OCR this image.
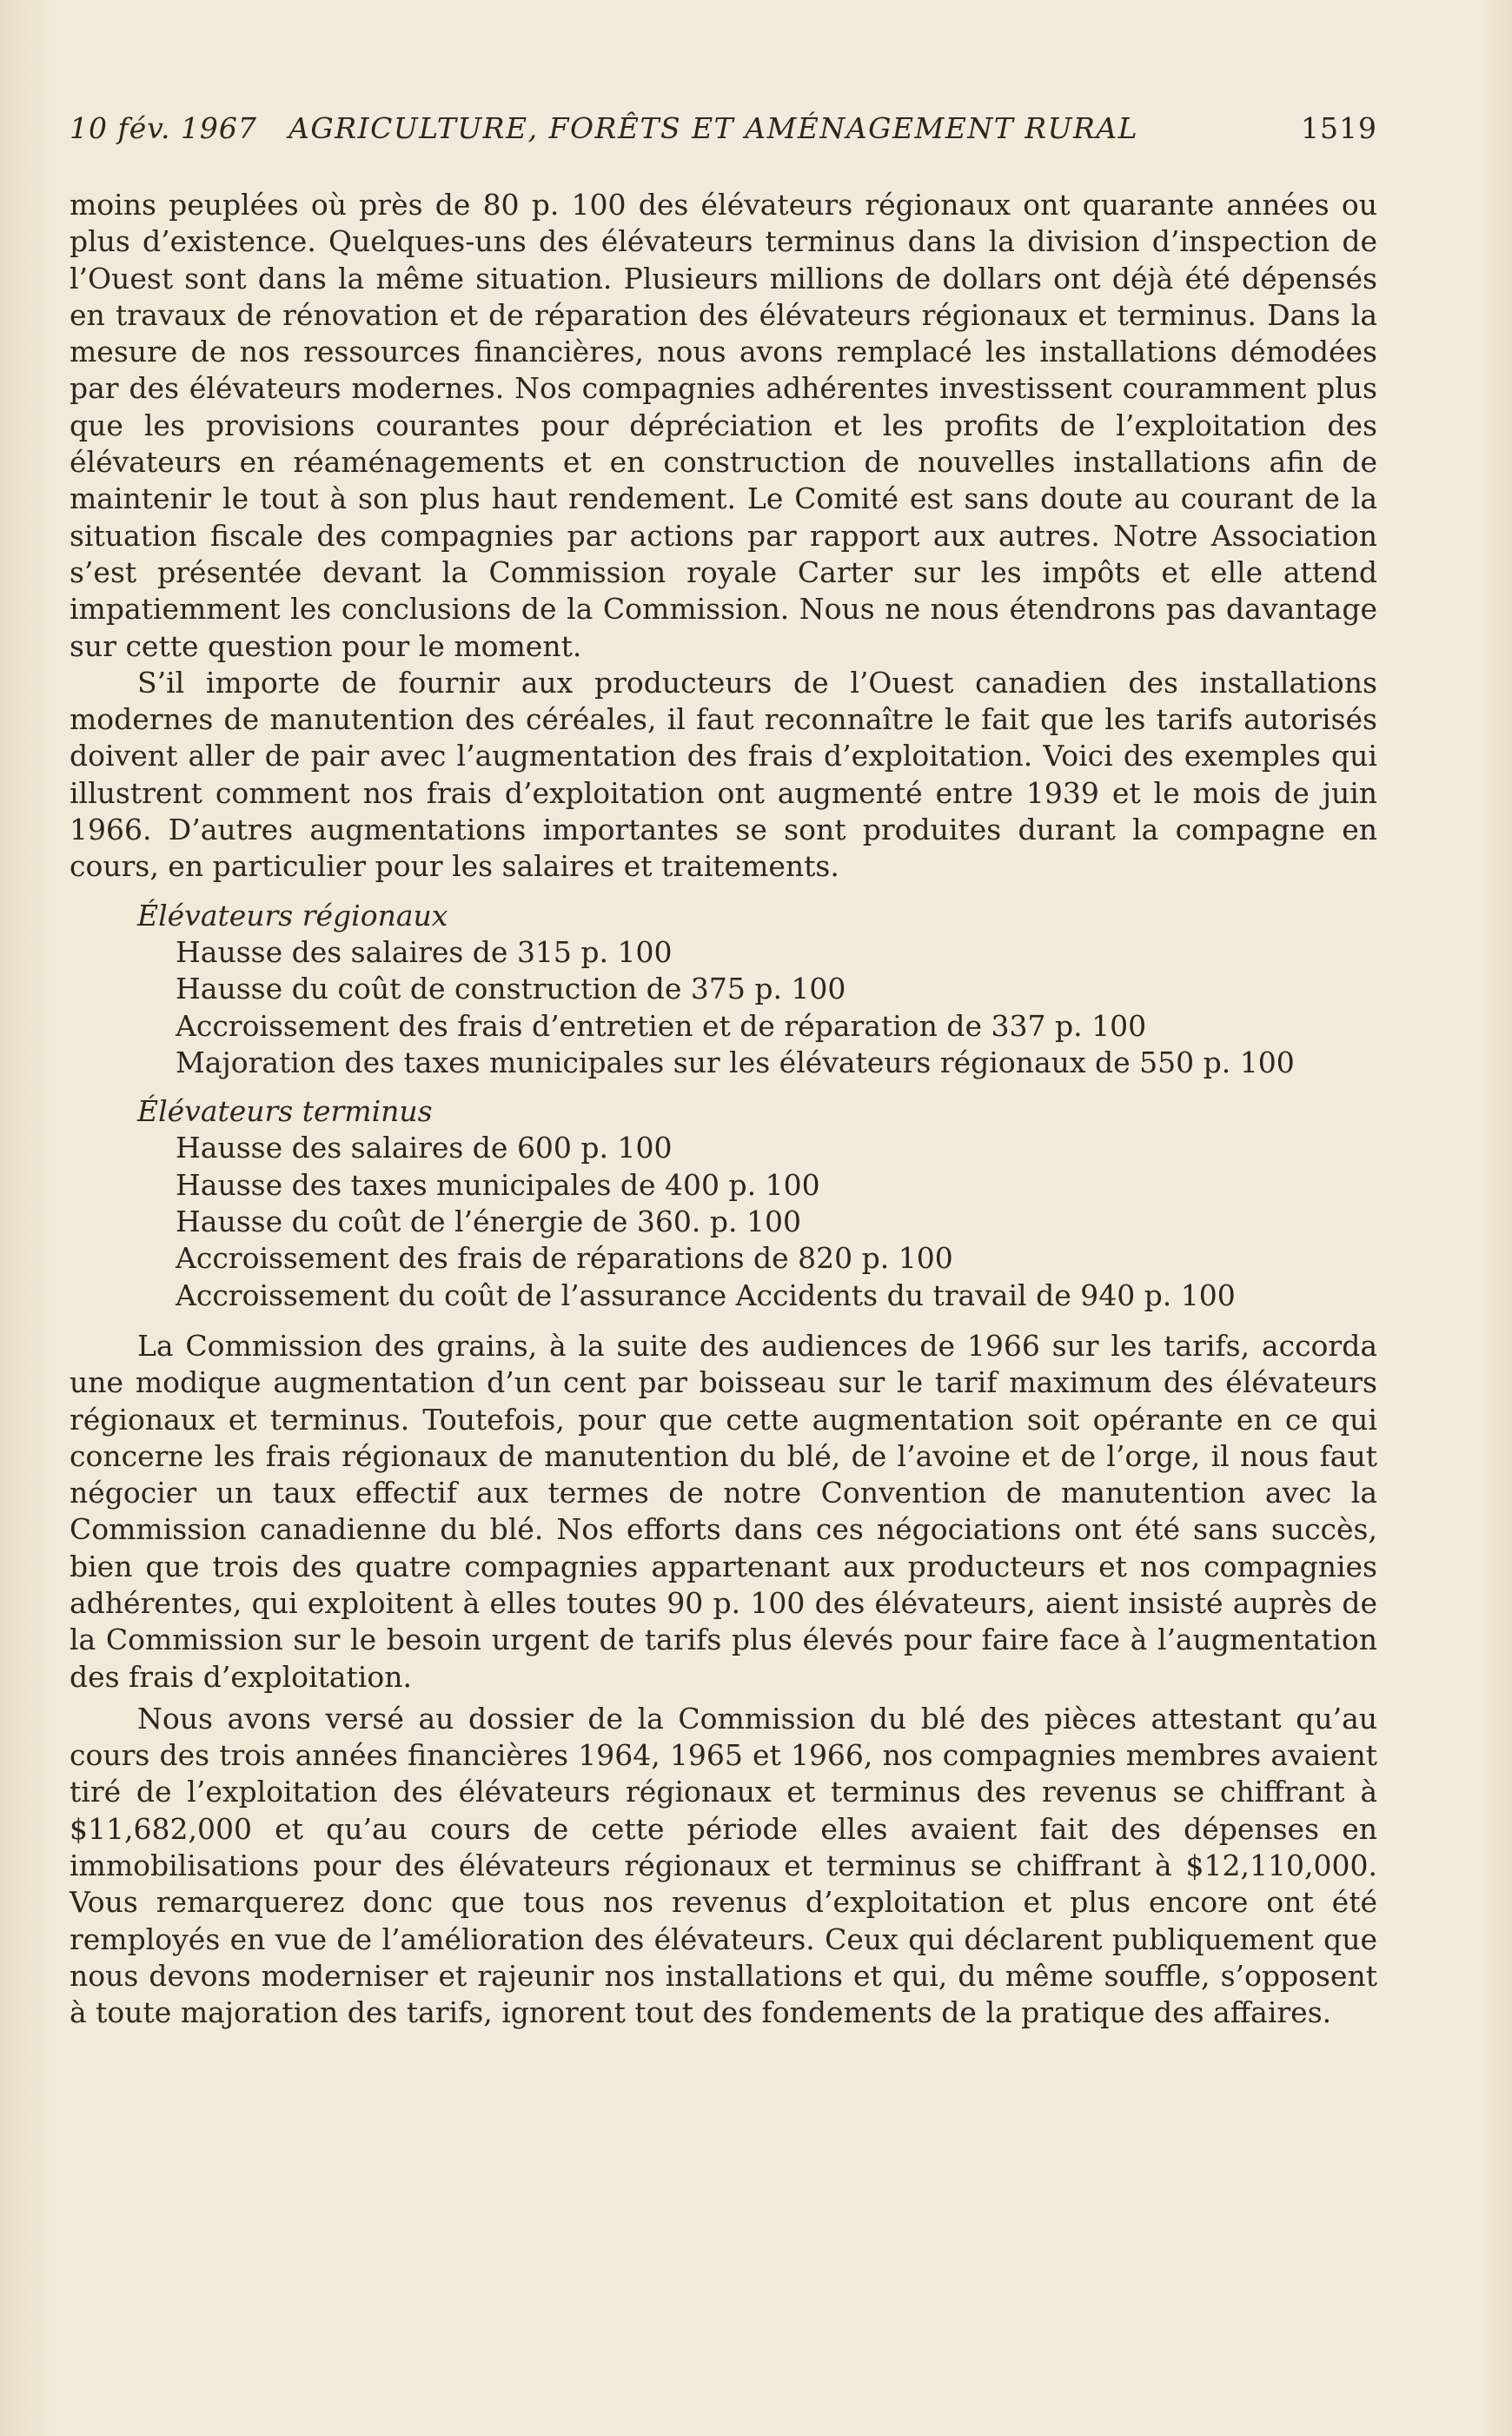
10 fév. 1967 AGRICULTURE, FORÊTS ET AMÉNAGEMENT RURAL	1519

moins peuplées où près de 80 p. 100 des élévateurs régionaux ont quarante années ou plus d’existence. Quelques-uns des élévateurs terminus dans la division d’inspection de l’Ouest sont dans la même situation. Plusieurs millions de dollars ont déjà été dépensés en travaux de rénovation et de réparation des élévateurs régionaux et terminus. Dans la mesure de nos ressources financières, nous avons remplacé les installations démodées par des élévateurs modernes. Nos compagnies adhérentes investissent couramment plus que les provisions courantes pour dépréciation et les profits de l’exploitation des élévateurs en réaménagements et en construction de nouvelles installations afin de maintenir le tout à son plus haut rendement. Le Comité est sans doute au courant de la situation fiscale des compagnies par actions par rapport aux autres. Notre Association s’est présentée devant la Commission royale Carter sur les impôts et elle attend impatiemment les conclusions de la Commission. Nous ne nous étendrons pas davantage sur cette question pour le moment.

S’il importe de fournir aux producteurs de l’Ouest canadien des installations modernes de manutention des céréales, il faut reconnaître le fait que les tarifs autorisés doivent aller de pair avec l’augmentation des frais d’exploitation. Voici des exemples qui illustrent comment nos frais d’exploitation ont augmenté entre 1939 et le mois de juin 1966. D’autres augmentations importantes se sont produites durant la compagne en cours, en particulier pour les salaires et traitements.

Élévateurs régionaux
Hausse des salaires de 315 p. 100
Hausse du coût de construction de 375 p. 100
Accroissement des frais d’entretien et de réparation de 337 p. 100
Majoration des taxes municipales sur les élévateurs régionaux de 550 p. 100
Élévateurs terminus
Hausse des salaires de 600 p. 100
Hausse des taxes municipales de 400 p. 100
Hausse du coût de l’énergie de 360. p. 100
Accroissement des frais de réparations de 820 p. 100
Accroissement du coût de l’assurance Accidents du travail de 940 p. 100

La Commission des grains, à la suite des audiences de 1966 sur les tarifs, accorda une modique augmentation d’un cent par boisseau sur le tarif maximum des élévateurs régionaux et terminus. Toutefois, pour que cette augmentation soit opérante en ce qui concerne les frais régionaux de manutention du blé, de l’avoine et de l’orge, il nous faut négocier un taux effectif aux termes de notre Convention de manutention avec la Commission canadienne du blé. Nos efforts dans ces négociations ont été sans succès, bien que trois des quatre compagnies appartenant aux producteurs et nos compagnies adhérentes, qui exploitent à elles toutes 90 p. 100 des élévateurs, aient insisté auprès de la Commission sur le besoin urgent de tarifs plus élevés pour faire face à l’augmentation des frais d’exploitation.

Nous avons versé au dossier de la Commission du blé des pièces attestant qu’au cours des trois années financières 1964, 1965 et 1966, nos compagnies membres avaient tiré de l’exploitation des élévateurs régionaux et terminus des revenus se chiffrant à $11,682,000 et qu’au cours de cette période elles avaient fait des dépenses en immobilisations pour des élévateurs régionaux et terminus se chiffrant à $12,110,000. Vous remarquerez donc que tous nos revenus d’exploitation et plus encore ont été remployés en vue de l’amélioration des élévateurs. Ceux qui déclarent publiquement que nous devons moderniser et rajeunir nos installations et qui, du même souffle, s’opposent à toute majoration des tarifs, ignorent tout des fondements de la pratique des affaires.
